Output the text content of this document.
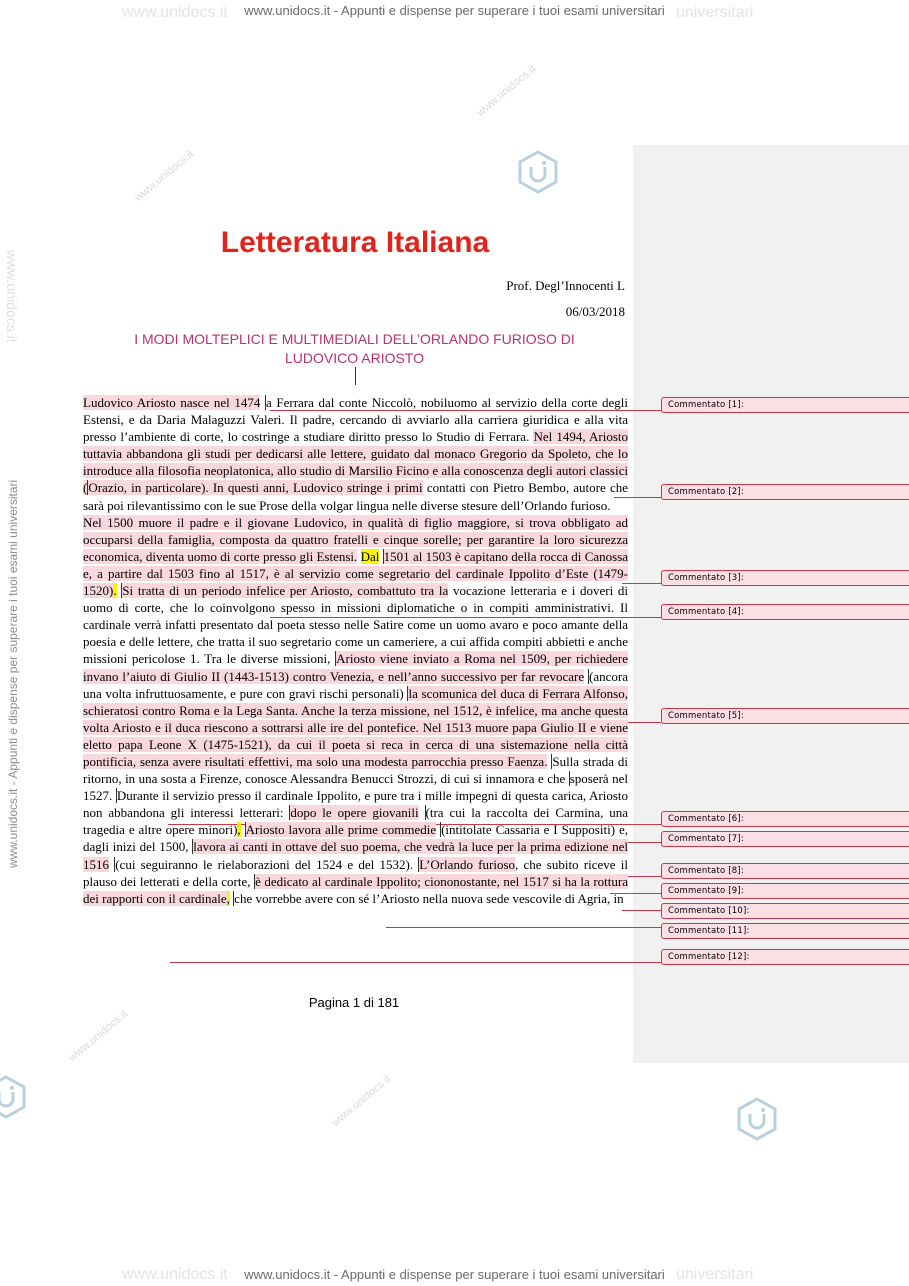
www.unidocs.it	universitari
www.unidocs.it	universitari
www.unidocs.it - Appunti e dispense per superare i tuoi esami universitari
www.unidocs.it - Appunti e dispense per superare i tuoi esami universitari
www.unidocs.it - Appunti e dispense per superare i tuoi esami universitari
www.unidocs.it
www.unidocs.it
www.unidocs.it
www.unidocs.it
www.unidocs.it
Commentato [1]:
Commentato [2]:
Commentato [3]:
Commentato [4]:
Commentato [5]:
Commentato [6]:
Commentato [7]:
Commentato [8]:
Commentato [9]:
Commentato [10]:
Commentato [11]:
Commentato [12]:
Letteratura Italiana
Prof. Degl’Innocenti L
06/03/2018
I MODI MOLTEPLICI E MULTIMEDIALI DELL’ORLANDO FURIOSO DI
LUDOVICO ARIOSTO

Ludovico Ariosto nasce nel 1474 a Ferrara dal conte Niccolò, nobiluomo al servizio della corte degli Estensi, e da Daria Malaguzzi Valeri. Il padre, cercando di avviarlo alla carriera giuridica e alla vita presso l’ambiente di corte, lo costringe a studiare diritto presso lo Studio di Ferrara. Nel 1494, Ariosto tuttavia abbandona gli studi per dedicarsi alle lettere, guidato dal monaco Gregorio da Spoleto, che lo introduce alla filosofia neoplatonica, allo studio di Marsilio Ficino e alla conoscenza degli autori classici (Orazio, in particolare). In questi anni, Ludovico stringe i primi contatti con Pietro Bembo, autore che sarà poi rilevantissimo con le sue Prose della volgar lingua nelle diverse stesure dell’Orlando furioso.

Nel 1500 muore il padre e il giovane Ludovico, in qualità di figlio maggiore, si trova obbligato ad occuparsi della famiglia, composta da quattro fratelli e cinque sorelle; per garantire la loro sicurezza economica, diventa uomo di corte presso gli Estensi. Dal 1501 al 1503 è capitano della rocca di Canossa e, a partire dal 1503 fino al 1517, è al servizio come segretario del cardinale Ippolito d’Este (1479-1520). Si tratta di un periodo infelice per Ariosto, combattuto tra la vocazione letteraria e i doveri di uomo di corte, che lo coinvolgono spesso in missioni diplomatiche o in compiti amministrativi. Il cardinale verrà infatti presentato dal poeta stesso nelle Satire come un uomo avaro e poco amante della poesia e delle lettere, che tratta il suo segretario come un cameriere, a cui affida compiti abbietti e anche missioni pericolose 1. Tra le diverse missioni, Ariosto viene inviato a Roma nel 1509, per richiedere invano l’aiuto di Giulio II (1443-1513) contro Venezia, e nell’anno successivo per far revocare (ancora una volta infruttuosamente, e pure con gravi rischi personali) la scomunica del duca di Ferrara Alfonso, schieratosi contro Roma e la Lega Santa. Anche la terza missione, nel 1512, è infelice, ma anche questa volta Ariosto e il duca riescono a sottrarsi alle ire del pontefice. Nel 1513 muore papa Giulio II e viene eletto papa Leone X (1475-1521), da cui il poeta si reca in cerca di una sistemazione nella città pontificia, senza avere risultati effettivi, ma solo una modesta parrocchia presso Faenza. Sulla strada di ritorno, in una sosta a Firenze, conosce Alessandra Benucci Strozzi, di cui si innamora e che sposerà nel 1527. Durante il servizio presso il cardinale Ippolito, e pure tra i mille impegni di questa carica, Ariosto non abbandona gli interessi letterari: dopo le opere giovanili (tra cui la raccolta dei Carmina, una tragedia e altre opere minori), Ariosto lavora alle prime commedie (intitolate Cassaria e I Suppositi) e, dagli inizi del 1500, lavora ai canti in ottave del suo poema, che vedrà la luce per la prima edizione nel 1516 (cui seguiranno le rielaborazioni del 1524 e del 1532). L’Orlando furioso, che subito riceve il plauso dei letterati e della corte, è dedicato al cardinale Ippolito; ciononostante, nel 1517 si ha la rottura dei rapporti con il cardinale, che vorrebbe avere con sé l’Ariosto nella nuova sede vescovile di Agria, in

Pagina 1 di 181
